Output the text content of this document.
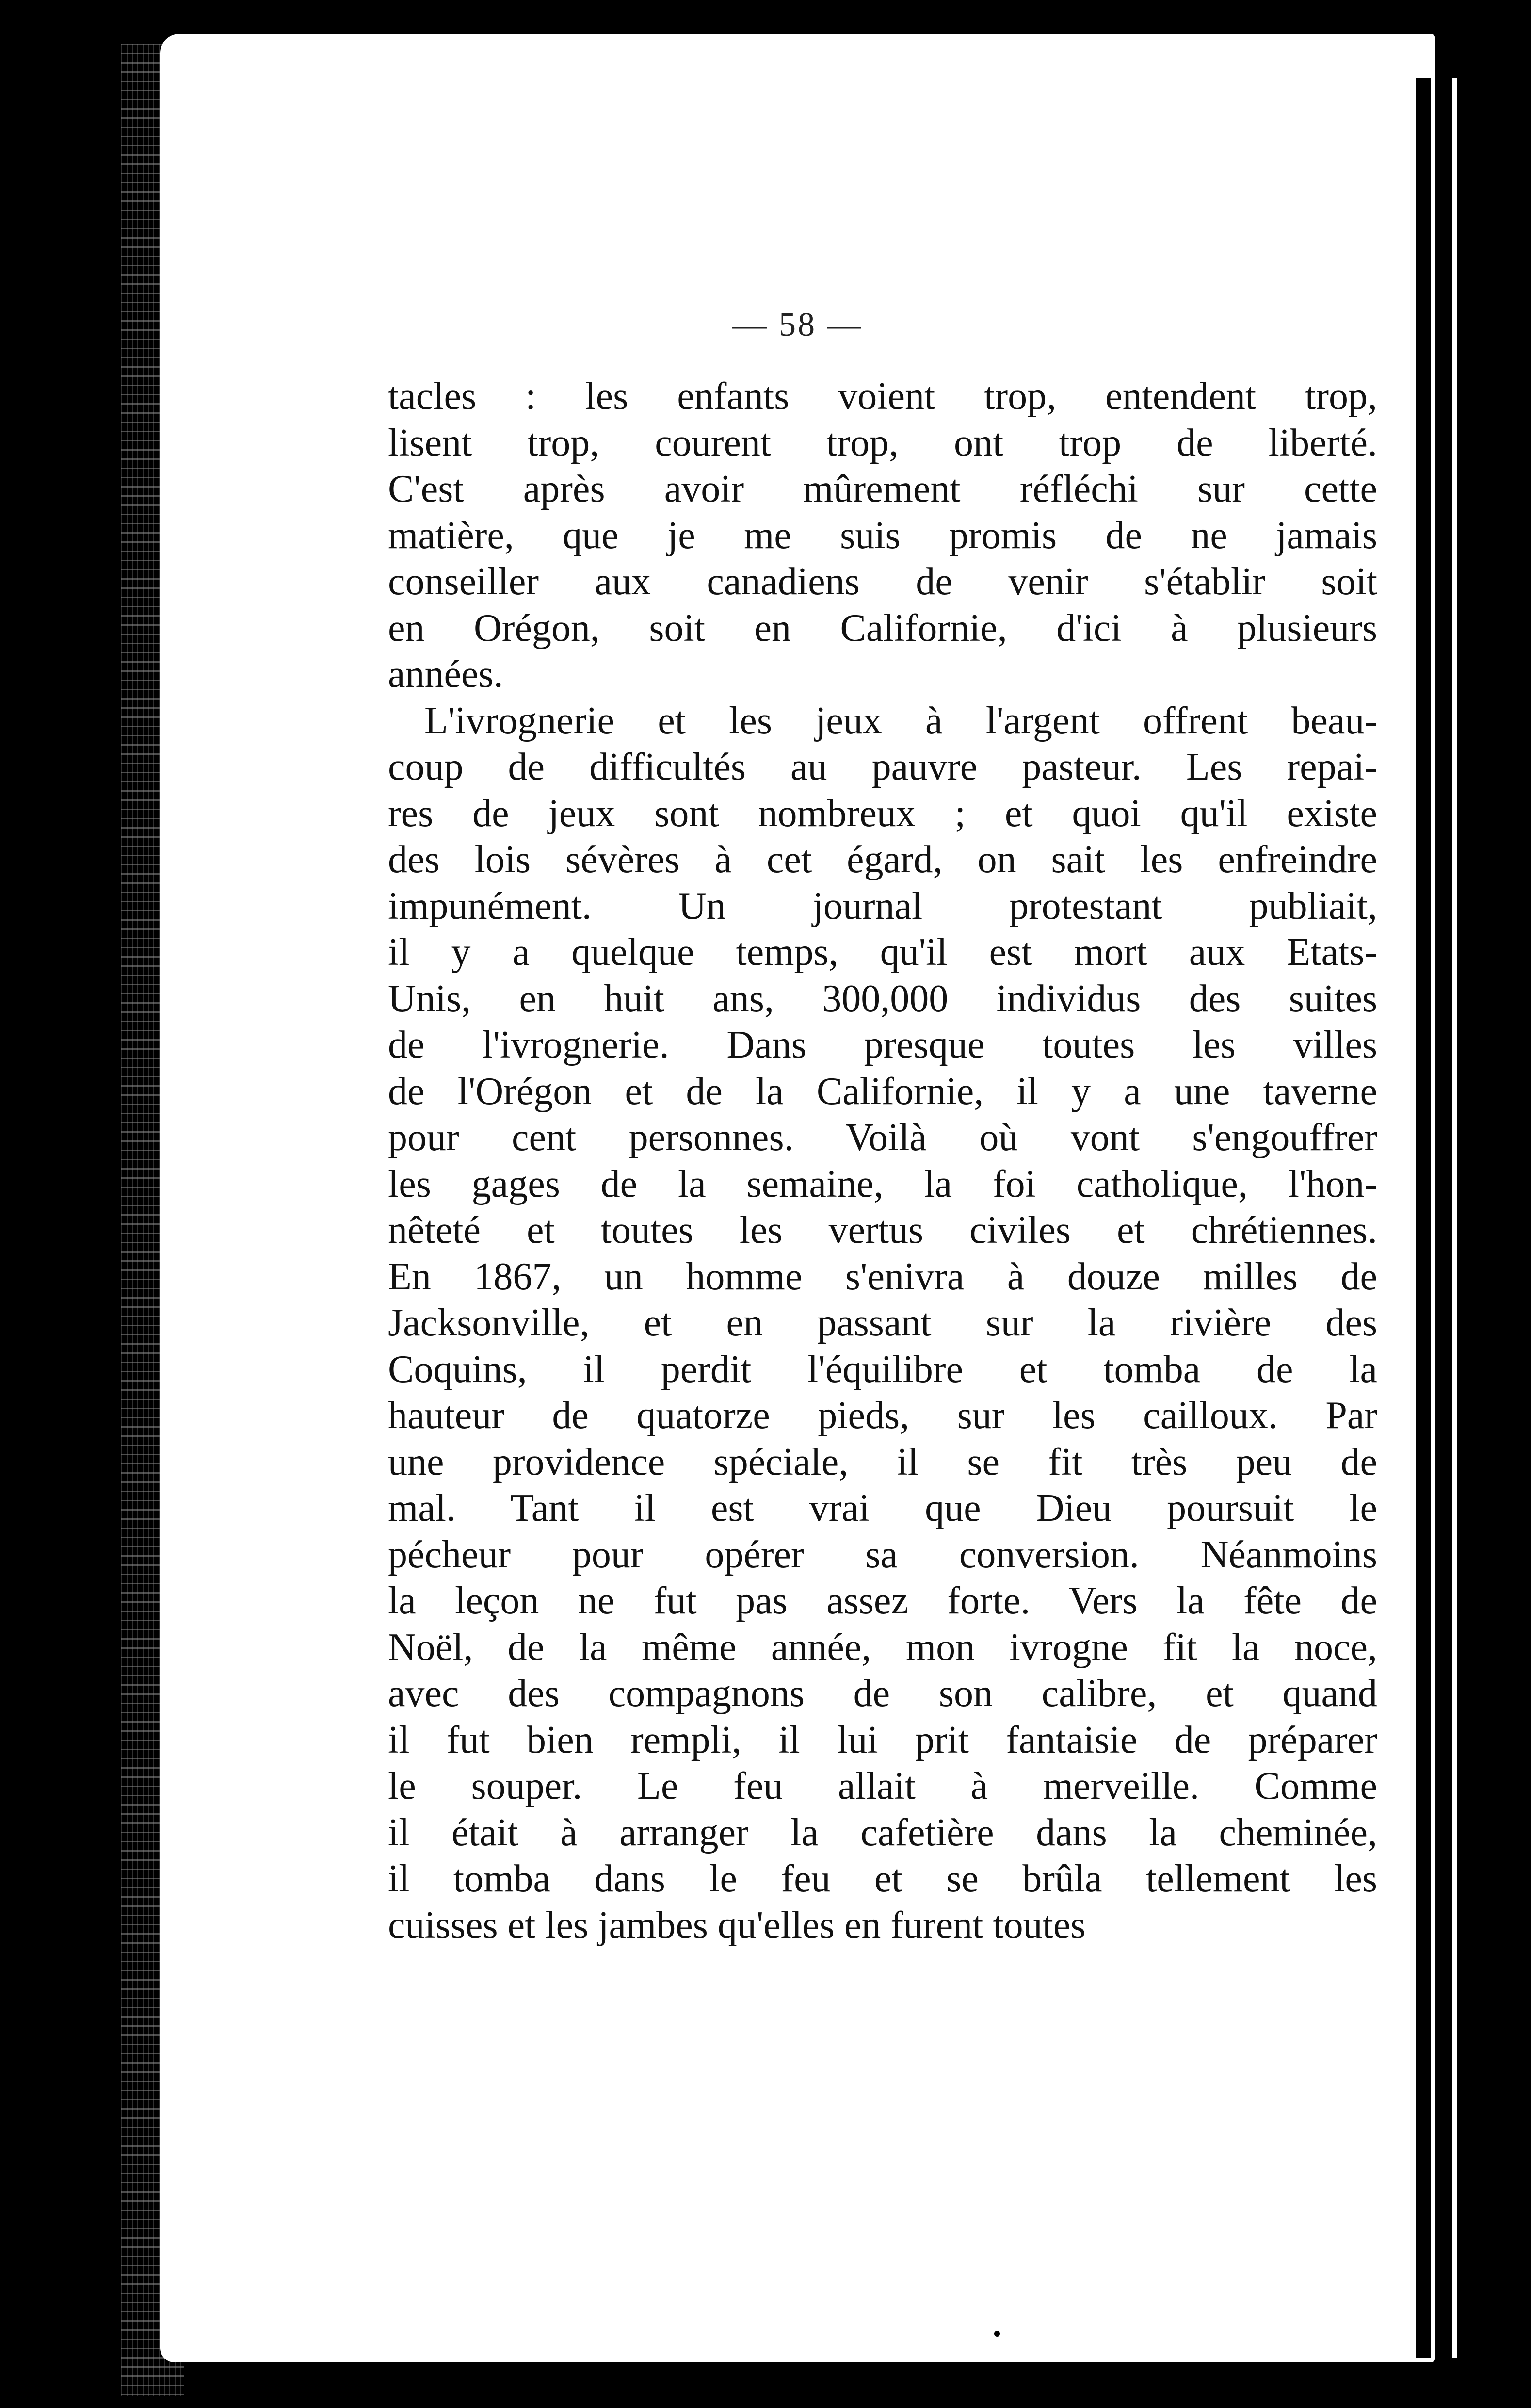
— 58 —

tacles : les enfants voient trop, entendent trop,
lisent trop, courent trop, ont trop de liberté.
C'est après avoir mûrement réfléchi sur cette
matière, que je me suis promis de ne jamais
conseiller aux canadiens de venir s'établir soit
en Orégon, soit en Californie, d'ici à plusieurs
années.

L'ivrognerie et les jeux à l'argent offrent beau-
coup de difficultés au pauvre pasteur. Les repai-
res de jeux sont nombreux ; et quoi qu'il existe
des lois sévères à cet égard, on sait les enfreindre
impunément. Un journal protestant publiait,
il y a quelque temps, qu'il est mort aux Etats-
Unis, en huit ans, 300,000 individus des suites
de l'ivrognerie. Dans presque toutes les villes
de l'Orégon et de la Californie, il y a une taverne
pour cent personnes. Voilà où vont s'engouffrer
les gages de la semaine, la foi catholique, l'hon-
nêteté et toutes les vertus civiles et chrétiennes.
En 1867, un homme s'enivra à douze milles de
Jacksonville, et en passant sur la rivière des
Coquins, il perdit l'équilibre et tomba de la
hauteur de quatorze pieds, sur les cailloux. Par
une providence spéciale, il se fit très peu de
mal. Tant il est vrai que Dieu poursuit le
pécheur pour opérer sa conversion. Néanmoins
la leçon ne fut pas assez forte. Vers la fête de
Noël, de la même année, mon ivrogne fit la noce,
avec des compagnons de son calibre, et quand
il fut bien rempli, il lui prit fantaisie de préparer
le souper. Le feu allait à merveille. Comme
il était à arranger la cafetière dans la cheminée,
il tomba dans le feu et se brûla tellement les
cuisses et les jambes qu'elles en furent toutes
